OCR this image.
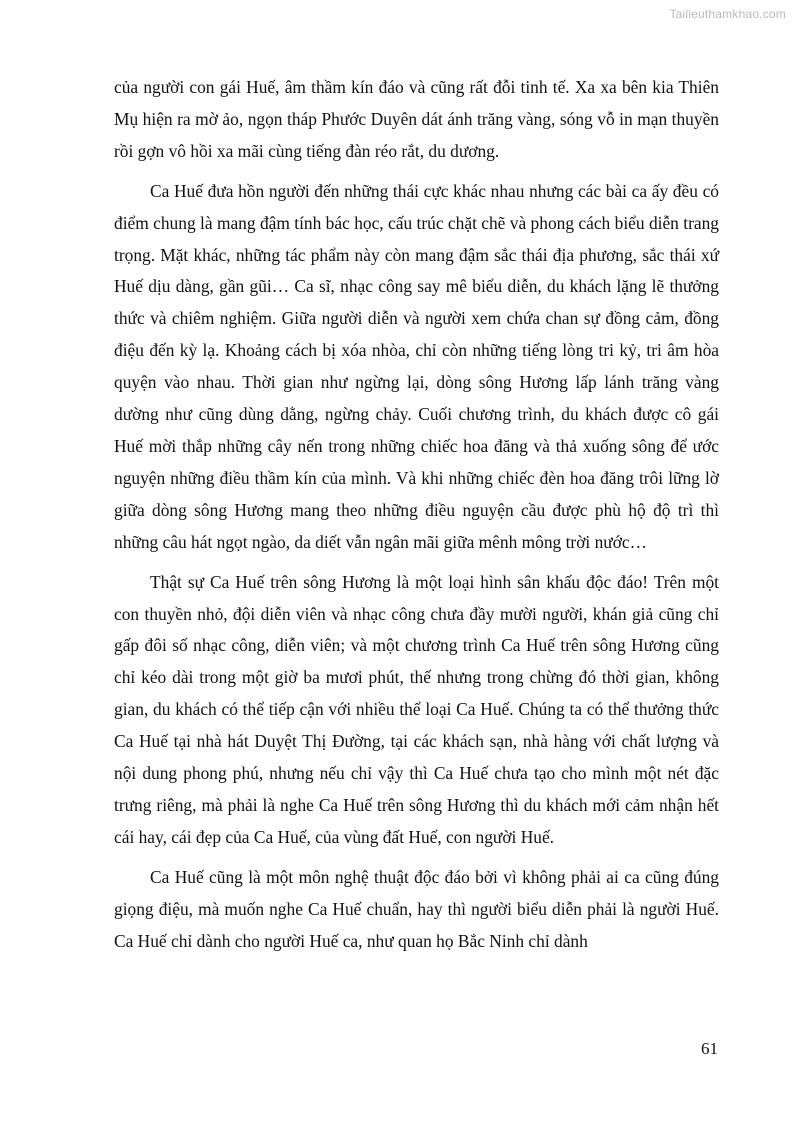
Tailieuthamkhao.com

của người con gái Huế, âm thầm kín đáo và cũng rất đỗi tinh tế. Xa xa bên kia Thiên Mụ hiện ra mờ ảo, ngọn tháp Phước Duyên dát ánh trăng vàng, sóng vỗ in mạn thuyền rồi gợn vô hồi xa mãi cùng tiếng đàn réo rắt, du dương.

Ca Huế đưa hồn người đến những thái cực khác nhau nhưng các bài ca ấy đều có điểm chung là mang đậm tính bác học, cấu trúc chặt chẽ và phong cách biểu diễn trang trọng. Mặt khác, những tác phẩm này còn mang đậm sắc thái địa phương, sắc thái xứ Huế dịu dàng, gần gũi… Ca sĩ, nhạc công say mê biểu diễn, du khách lặng lẽ thưởng thức và chiêm nghiệm. Giữa người diễn và người xem chứa chan sự đồng cảm, đồng điệu đến kỳ lạ. Khoảng cách bị xóa nhòa, chỉ còn những tiếng lòng tri kỷ, tri âm hòa quyện vào nhau. Thời gian như ngừng lại, dòng sông Hương lấp lánh trăng vàng dường như cũng dùng dằng, ngừng chảy. Cuối chương trình, du khách được cô gái Huế mời thắp những cây nến trong những chiếc hoa đăng và thả xuống sông để ước nguyện những điều thầm kín của mình. Và khi những chiếc đèn hoa đăng trôi lững lờ giữa dòng sông Hương mang theo những điều nguyện cầu được phù hộ độ trì thì những câu hát ngọt ngào, da diết vẫn ngân mãi giữa mênh mông trời nước…

Thật sự Ca Huế trên sông Hương là một loại hình sân khấu độc đáo! Trên một con thuyền nhỏ, đội diễn viên và nhạc công chưa đầy mười người, khán giả cũng chỉ gấp đôi số nhạc công, diễn viên; và một chương trình Ca Huế trên sông Hương cũng chỉ kéo dài trong một giờ ba mươi phút, thế nhưng trong chừng đó thời gian, không gian, du khách có thể tiếp cận với nhiều thể loại Ca Huế. Chúng ta có thể thưởng thức Ca Huế tại nhà hát Duyệt Thị Đường, tại các khách sạn, nhà hàng với chất lượng và nội dung phong phú, nhưng nếu chỉ vậy thì Ca Huế chưa tạo cho mình một nét đặc trưng riêng, mà phải là nghe Ca Huế trên sông Hương thì du khách mới cảm nhận hết cái hay, cái đẹp của Ca Huế, của vùng đất Huế, con người Huế.

Ca Huế cũng là một môn nghệ thuật độc đáo bởi vì không phải ai ca cũng đúng giọng điệu, mà muốn nghe Ca Huế chuẩn, hay thì người biểu diễn phải là người Huế. Ca Huế chỉ dành cho người Huế ca, như quan họ Bắc Ninh chỉ dành

61
